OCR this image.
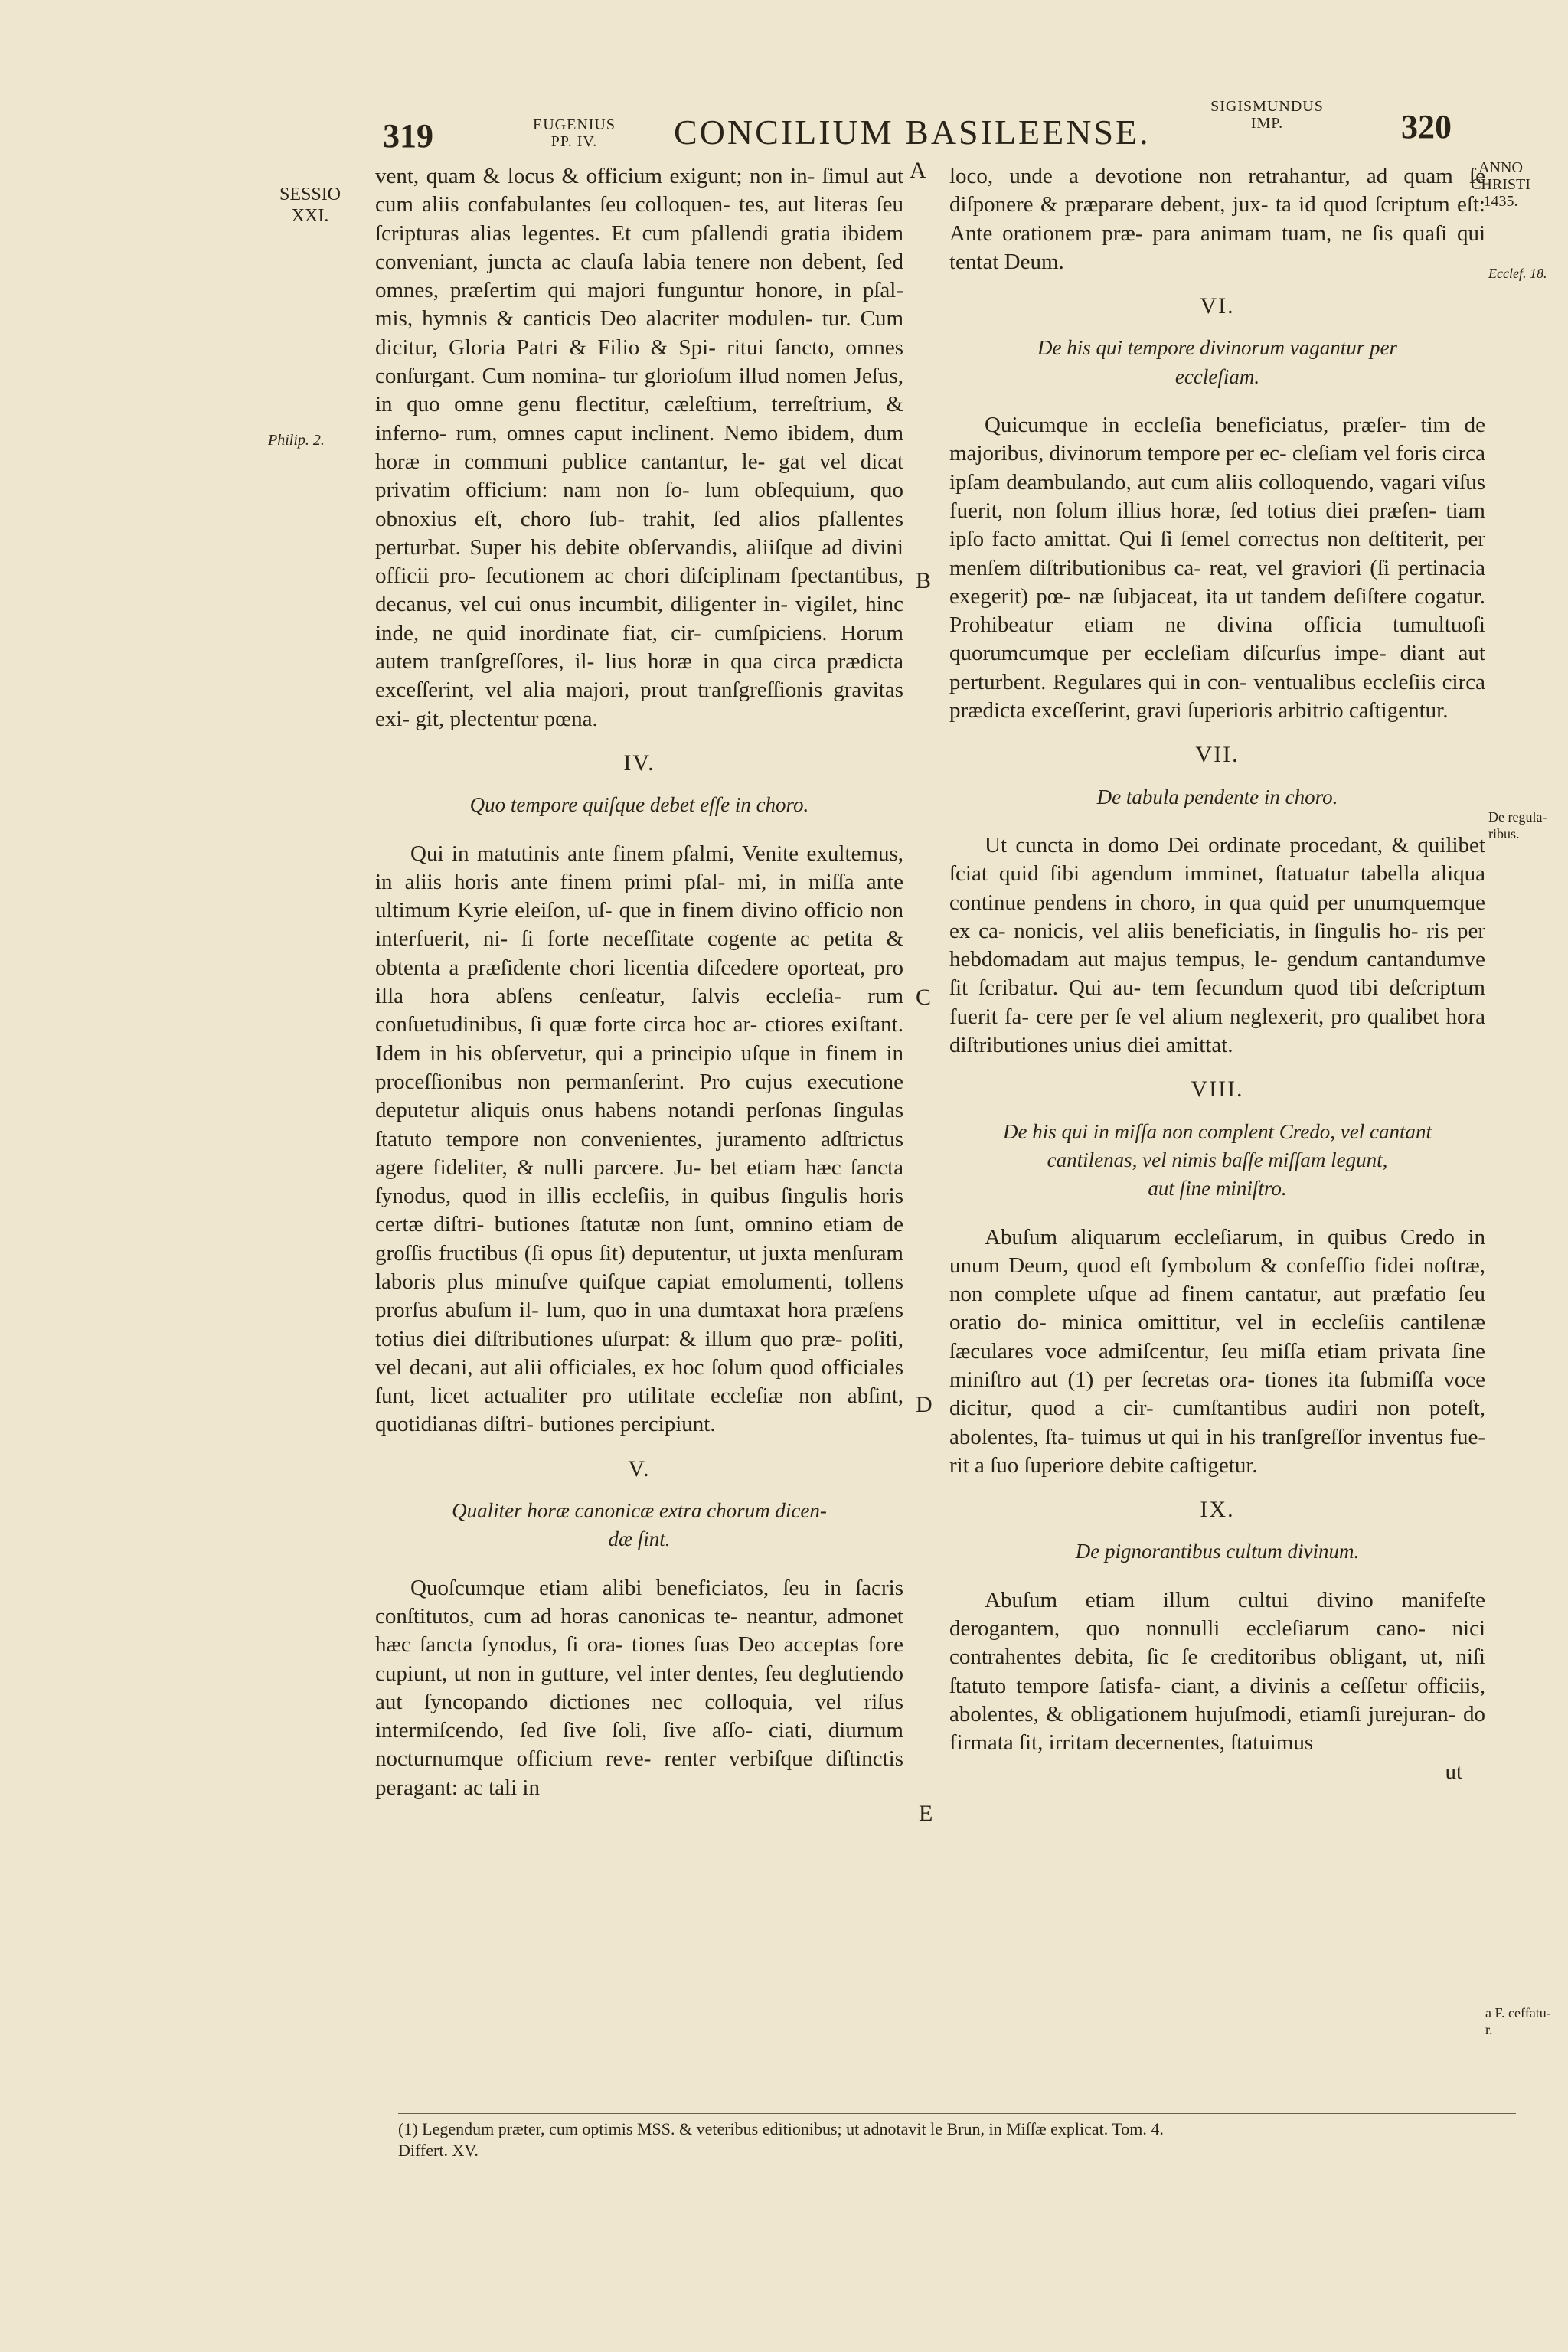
319	EUGENIUS
PP. IV.	CONCILIUM BASILEENSE.
SIGISMUNDUS
IMP.	320
SESSIO
XXI.
Philip. 2.
ANNO
CHRISTI
1435.
Ecclef. 18.
De regula-
ribus.
a F. ceffatu-
r.
A
B
C
D
E

vent, quam & locus & officium exigunt; non in- ſimul aut cum aliis confabulantes ſeu colloquen- tes, aut literas ſeu ſcripturas alias legentes. Et cum pſallendi gratia ibidem conveniant, juncta ac clauſa labia tenere non debent, ſed omnes, præſertim qui majori funguntur honore, in pſal- mis, hymnis & canticis Deo alacriter modulen- tur. Cum dicitur, Gloria Patri & Filio & Spi- ritui ſancto, omnes conſurgant. Cum nomina- tur glorioſum illud nomen Jeſus, in quo omne genu flectitur, cæleſtium, terreſtrium, & inferno- rum, omnes caput inclinent. Nemo ibidem, dum horæ in communi publice cantantur, le- gat vel dicat privatim officium: nam non ſo- lum obſequium, quo obnoxius eſt, choro ſub- trahit, ſed alios pſallentes perturbat. Super his debite obſervandis, aliiſque ad divini officii pro- ſecutionem ac chori diſciplinam ſpectantibus, decanus, vel cui onus incumbit, diligenter in- vigilet, hinc inde, ne quid inordinate fiat, cir- cumſpiciens. Horum autem tranſgreſſores, il- lius horæ in qua circa prædicta exceſſerint, vel alia majori, prout tranſgreſſionis gravitas exi- git, plectentur pœna.

IV.
Quo tempore quiſque debet eſſe in choro.

Qui in matutinis ante finem pſalmi, Venite exultemus, in aliis horis ante finem primi pſal- mi, in miſſa ante ultimum Kyrie eleiſon, uſ- que in finem divino officio non interfuerit, ni- ſi forte neceſſitate cogente ac petita & obtenta a præſidente chori licentia diſcedere oporteat, pro illa hora abſens cenſeatur, ſalvis eccleſia- rum conſuetudinibus, ſi quæ forte circa hoc ar- ctiores exiſtant. Idem in his obſervetur, qui a principio uſque in finem in proceſſionibus non permanſerint. Pro cujus executione deputetur aliquis onus habens notandi perſonas ſingulas ſtatuto tempore non convenientes, juramento adſtrictus agere fideliter, & nulli parcere. Ju- bet etiam hæc ſancta ſynodus, quod in illis eccleſiis, in quibus ſingulis horis certæ diſtri- butiones ſtatutæ non ſunt, omnino etiam de groſſis fructibus (ſi opus ſit) deputentur, ut juxta menſuram laboris plus minuſve quiſque capiat emolumenti, tollens prorſus abuſum il- lum, quo in una dumtaxat hora præſens totius diei diſtributiones uſurpat: & illum quo præ- poſiti, vel decani, aut alii officiales, ex hoc ſolum quod officiales ſunt, licet actualiter pro utilitate eccleſiæ non abſint, quotidianas diſtri- butiones percipiunt.

V.
Qualiter horæ canonicæ extra chorum dicen-
dæ ſint.

Quoſcumque etiam alibi beneficiatos, ſeu in ſacris conſtitutos, cum ad horas canonicas te- neantur, admonet hæc ſancta ſynodus, ſi ora- tiones ſuas Deo acceptas fore cupiunt, ut non in gutture, vel inter dentes, ſeu deglutiendo aut ſyncopando dictiones nec colloquia, vel riſus intermiſcendo, ſed ſive ſoli, ſive aſſo- ciati, diurnum nocturnumque officium reve- renter verbiſque diſtinctis peragant: ac tali in

loco, unde a devotione non retrahantur, ad quam ſe diſponere & præparare debent, jux- ta id quod ſcriptum eſt: Ante orationem præ- para animam tuam, ne ſis quaſi qui tentat Deum.

VI.
De his qui tempore divinorum vagantur per
eccleſiam.

Quicumque in eccleſia beneficiatus, præſer- tim de majoribus, divinorum tempore per ec- cleſiam vel foris circa ipſam deambulando, aut cum aliis colloquendo, vagari viſus fuerit, non ſolum illius horæ, ſed totius diei præſen- tiam ipſo facto amittat. Qui ſi ſemel correctus non deſtiterit, per menſem diſtributionibus ca- reat, vel graviori (ſi pertinacia exegerit) pœ- næ ſubjaceat, ita ut tandem deſiſtere cogatur. Prohibeatur etiam ne divina officia tumultuoſi quorumcumque per eccleſiam diſcurſus impe- diant aut perturbent. Regulares qui in con- ventualibus eccleſiis circa prædicta exceſſerint, gravi ſuperioris arbitrio caſtigentur.

VII.
De tabula pendente in choro.

Ut cuncta in domo Dei ordinate procedant, & quilibet ſciat quid ſibi agendum imminet, ſtatuatur tabella aliqua continue pendens in choro, in qua quid per unumquemque ex ca- nonicis, vel aliis beneficiatis, in ſingulis ho- ris per hebdomadam aut majus tempus, le- gendum cantandumve ſit ſcribatur. Qui au- tem ſecundum quod tibi deſcriptum fuerit fa- cere per ſe vel alium neglexerit, pro qualibet hora diſtributiones unius diei amittat.

VIII.
De his qui in miſſa non complent Credo, vel cantant
cantilenas, vel nimis baſſe miſſam legunt,
aut ſine miniſtro.

Abuſum aliquarum eccleſiarum, in quibus Credo in unum Deum, quod eſt ſymbolum & confeſſio fidei noſtræ, non complete uſque ad finem cantatur, aut præfatio ſeu oratio do- minica omittitur, vel in eccleſiis cantilenæ ſæculares voce admiſcentur, ſeu miſſa etiam privata ſine miniſtro aut (1) per ſecretas ora- tiones ita ſubmiſſa voce dicitur, quod a cir- cumſtantibus audiri non poteſt, abolentes, ſta- tuimus ut qui in his tranſgreſſor inventus fue- rit a ſuo ſuperiore debite caſtigetur.

IX.
De pignorantibus cultum divinum.

Abuſum etiam illum cultui divino manifeſte derogantem, quo nonnulli eccleſiarum cano- nici contrahentes debita, ſic ſe creditoribus obligant, ut, niſi ſtatuto tempore ſatisfa- ciant, a divinis a ceſſetur officiis, abolentes, & obligationem hujuſmodi, etiamſi jurejuran- do firmata ſit, irritam decernentes, ſtatuimus

ut
(1) Legendum præter, cum optimis MSS. & veteribus editionibus; ut adnotavit le Brun, in Miſſæ explicat. Tom. 4.
Differt. XV.
